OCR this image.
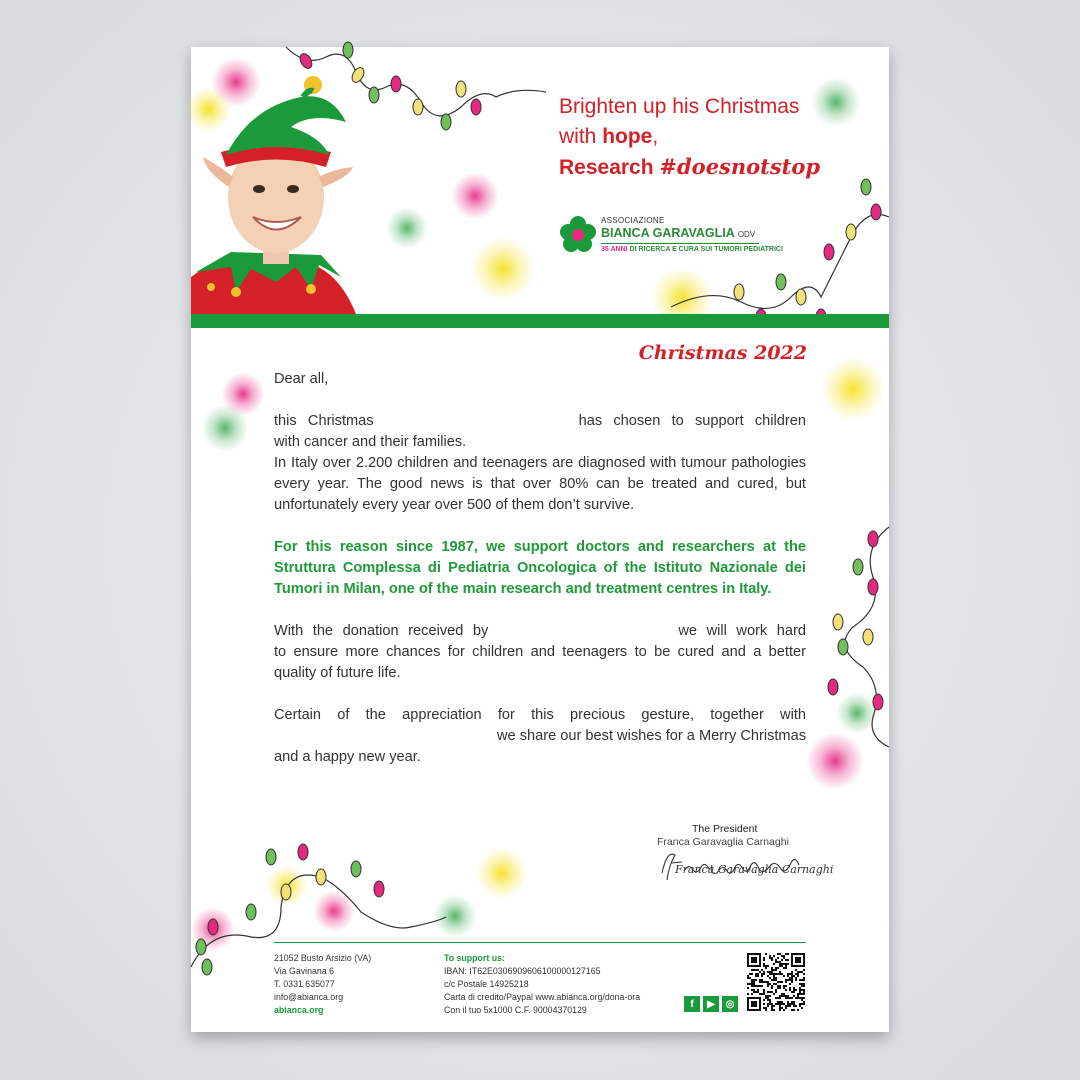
Brighten up his Christmas
with hope,
Research #doesnotstop
ASSOCIAZIONE
BIANCA GARAVAGLIA ODV
35 ANNI DI RICERCA E CURA SUI TUMORI PEDIATRICI
Christmas 2022

Dear all,

this Christmas	has chosen to support children

with cancer and their families.

In Italy over 2.200 children and teenagers are diagnosed with tumour pathologies every year. The good news is that over 80% can be treated and cured, but unfortunately every year over 500 of them don’t survive.

For this reason since 1987, we support doctors and researchers at the Struttura Complessa di Pediatria Oncologica of the Istituto Nazionale dei Tumori in Milan, one of the main research and treatment centres in Italy.

With the donation received by	we will work hard

to ensure more chances for children and teenagers to be cured and a better quality of future life.

Certain of the appreciation for this precious gesture, together with

we share our best wishes for a Merry Christmas

and a happy new year.

The President
Franca Garavaglia Carnaghi
Franca Garavaglia Carnaghi
21052 Busto Arsizio (VA)
Via Gavinana 6
T. 0331 635077
info@abianca.org
abianca.org
To support us:
IBAN: IT62E0306909606100000127165
c/c Postale 14925218
Carta di credito/Paypal www.abianca.org/dona-ora
Con il tuo 5x1000 C.F. 90004370129
f	▶	◎
